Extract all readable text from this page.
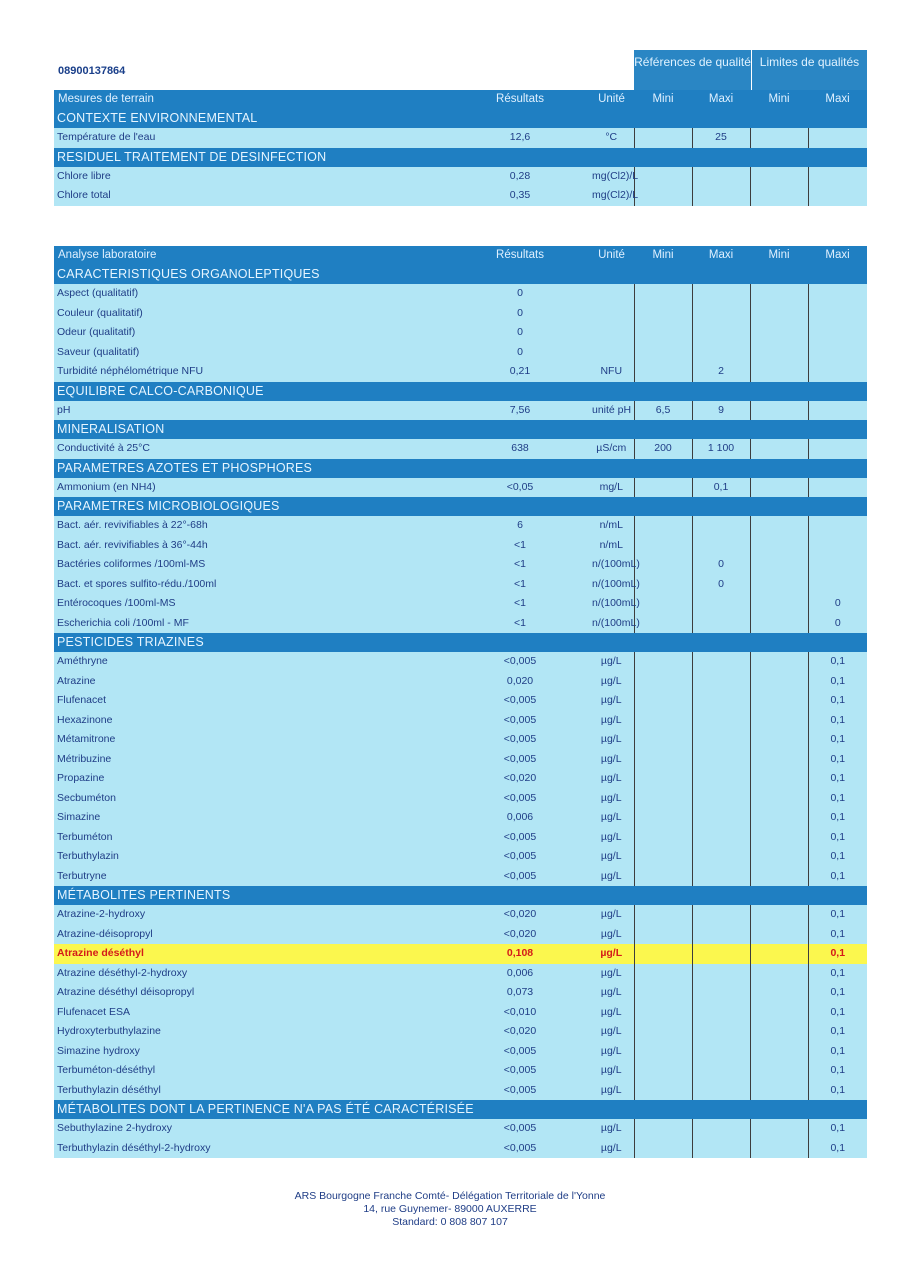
08900137864
Références de qualité Limites de qualités
Mesures de terrain	Résultats	Unité	Mini	Maxi	Mini	Maxi
CONTEXTE ENVIRONNEMENTAL						
Température de l'eau	12,6	°C		25		
RESIDUEL TRAITEMENT DE DESINFECTION						
Chlore libre	0,28	mg(Cl2)/L				
Chlore total	0,35	mg(Cl2)/L				
Analyse laboratoire	Résultats	Unité	Mini	Maxi	Mini	Maxi
CARACTERISTIQUES ORGANOLEPTIQUES						
Aspect (qualitatif)	0					
Couleur (qualitatif)	0					
Odeur (qualitatif)	0					
Saveur (qualitatif)	0					
Turbidité néphélométrique NFU	0,21	NFU		2		
EQUILIBRE CALCO-CARBONIQUE						
pH	7,56	unité pH	6,5	9		
MINERALISATION						
Conductivité à 25°C	638	µS/cm	200	1 100		
PARAMETRES AZOTES ET PHOSPHORES						
Ammonium (en NH4)	<0,05	mg/L		0,1		
PARAMETRES MICROBIOLOGIQUES						
Bact. aér. revivifiables à 22°-68h	6	n/mL				
Bact. aér. revivifiables à 36°-44h	<1	n/mL				
Bactéries coliformes /100ml-MS	<1	n/(100mL)		0		
Bact. et spores sulfito-rédu./100ml	<1	n/(100mL)		0		
Entérocoques /100ml-MS	<1	n/(100mL)				0
Escherichia coli /100ml - MF	<1	n/(100mL)				0
PESTICIDES TRIAZINES						
Améthryne	<0,005	µg/L				0,1
Atrazine	0,020	µg/L				0,1
Flufenacet	<0,005	µg/L				0,1
Hexazinone	<0,005	µg/L				0,1
Métamitrone	<0,005	µg/L				0,1
Métribuzine	<0,005	µg/L				0,1
Propazine	<0,020	µg/L				0,1
Secbuméton	<0,005	µg/L				0,1
Simazine	0,006	µg/L				0,1
Terbuméton	<0,005	µg/L				0,1
Terbuthylazin	<0,005	µg/L				0,1
Terbutryne	<0,005	µg/L				0,1
MÉTABOLITES PERTINENTS						
Atrazine-2-hydroxy	<0,020	µg/L				0,1
Atrazine-déisopropyl	<0,020	µg/L				0,1
Atrazine déséthyl	0,108	µg/L				0,1
Atrazine déséthyl-2-hydroxy	0,006	µg/L				0,1
Atrazine déséthyl déisopropyl	0,073	µg/L				0,1
Flufenacet ESA	<0,010	µg/L				0,1
Hydroxyterbuthylazine	<0,020	µg/L				0,1
Simazine hydroxy	<0,005	µg/L				0,1
Terbuméton-déséthyl	<0,005	µg/L				0,1
Terbuthylazin déséthyl	<0,005	µg/L				0,1
MÉTABOLITES DONT LA PERTINENCE N'A PAS ÉTÉ CARACTÉRISÉE						
Sebuthylazine 2-hydroxy	<0,005	µg/L				0,1
Terbuthylazin déséthyl-2-hydroxy	<0,005	µg/L				0,1
ARS Bourgogne Franche Comté- Délégation Territoriale de l'Yonne
14, rue Guynemer- 89000 AUXERRE
Standard: 0 808 807 107
